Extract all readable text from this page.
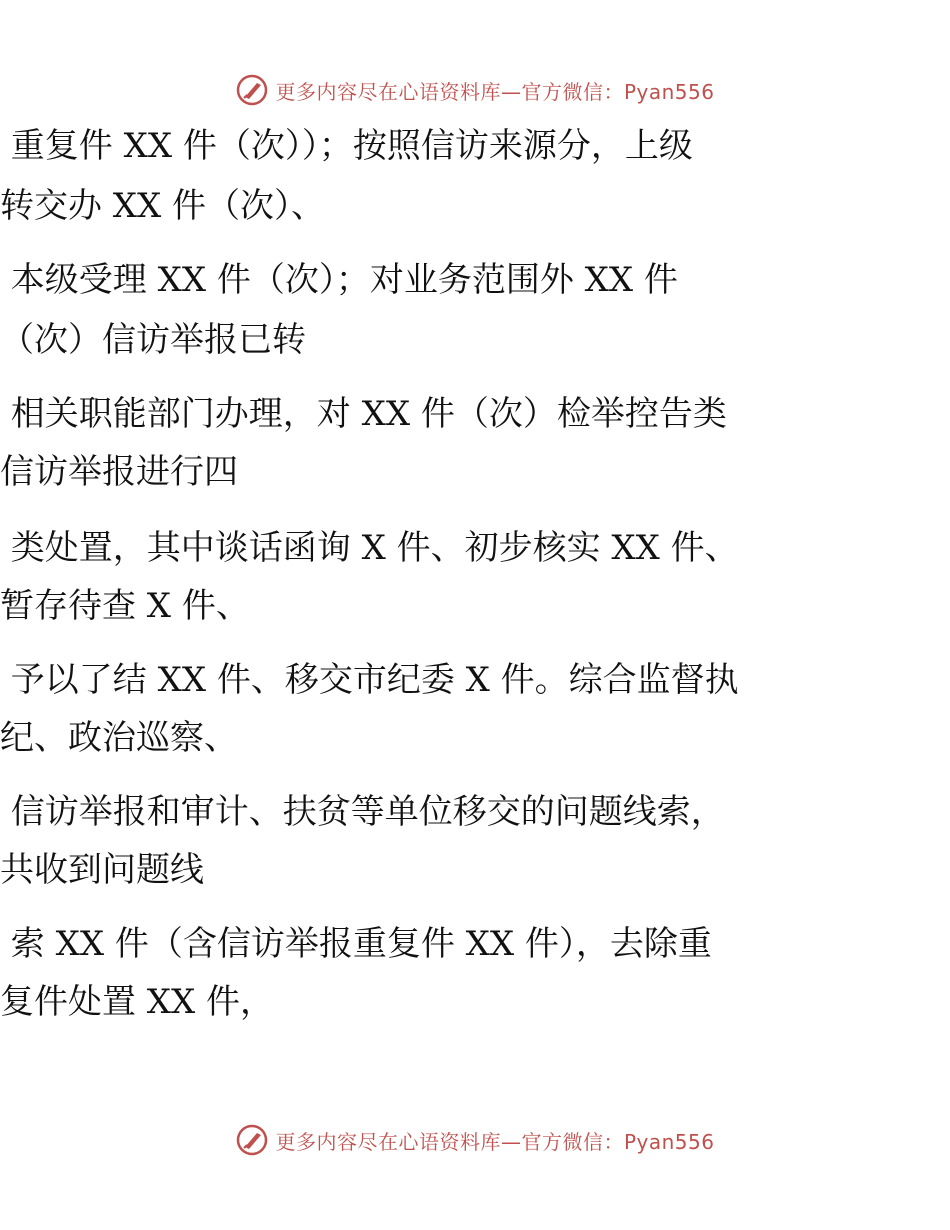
更多内容尽在心语资料库—官方微信：Pyan556
重复件 XX 件（次））；按照信访来源分，上级
转交办 XX 件（次）、
本级受理 XX 件（次）；对业务范围外 XX 件
（次）信访举报已转
相关职能部门办理，对 XX 件（次）检举控告类
信访举报进行四
类处置，其中谈话函询 X 件、初步核实 XX 件、
暂存待查 X 件、
予以了结 XX 件、移交市纪委 X 件。综合监督执
纪、政治巡察、
信访举报和审计、扶贫等单位移交的问题线索，
共收到问题线
索 XX 件（含信访举报重复件 XX 件），去除重
复件处置 XX 件，
更多内容尽在心语资料库—官方微信：Pyan556
